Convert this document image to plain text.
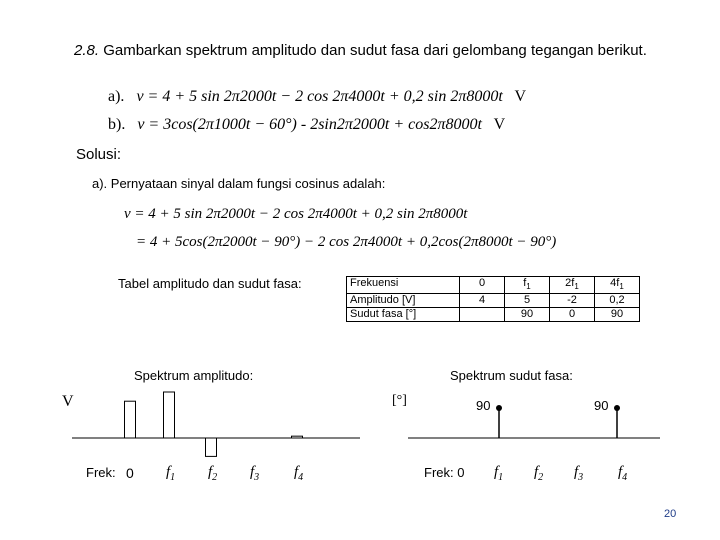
2.8. Gambarkan spektrum amplitudo dan sudut fasa dari gelombang tegangan berikut.
a). v = 4 + 5 sin 2π2000t − 2 cos 2π4000t + 0,2 sin 2π8000t V
b). v = 3cos(2π1000t − 60°) - 2sin2π2000t + cos2π8000t V
Solusi:
a). Pernyataan sinyal dalam fungsi cosinus adalah:
v = 4 + 5 sin 2π2000t − 2 cos 2π4000t + 0,2 sin 2π8000t
= 4 + 5cos(2π2000t − 90°) − 2 cos 2π4000t + 0,2cos(2π8000t − 90°)
Tabel amplitudo dan sudut fasa:	Frekuensi	0	$f_1$	$2f_1$	$4f_1$
Amplitudo [V]	4	5	-2	0,2
Sudut fasa [°]		90	0	90
Spektrum amplitudo:
V
Frek: 0 $f_1$ $f_2$ $f_3$ $f_4$
Spektrum sudut fasa:
[°]	90	90
Frek: 0 $f_1$ $f_2$ $f_3$ $f_4$
20
